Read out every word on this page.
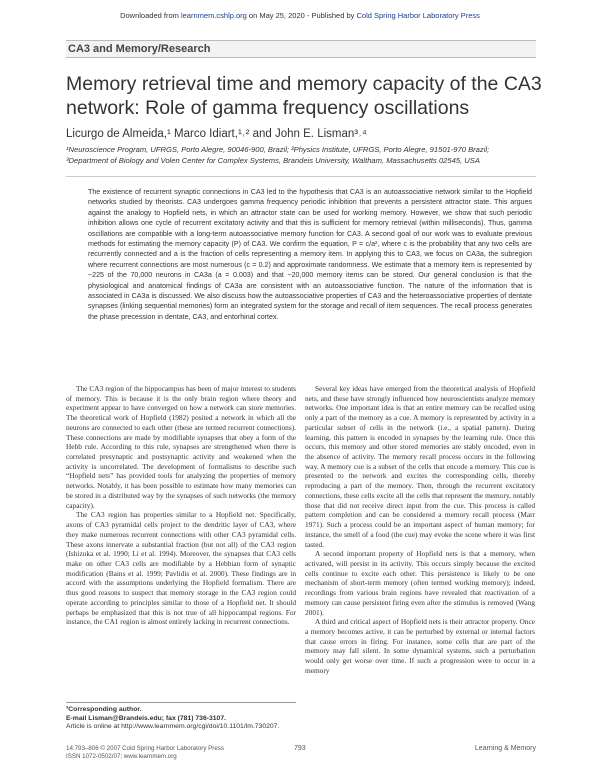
Downloaded from learnmem.cshlp.org on May 25, 2020 - Published by Cold Spring Harbor Laboratory Press
CA3 and Memory/Research
Memory retrieval time and memory capacity of the CA3 network: Role of gamma frequency oscillations
Licurgo de Almeida,¹ Marco Idiart,¹˒² and John E. Lisman³˒⁴
¹Neuroscience Program, UFRGS, Porto Alegre, 90046-900, Brazil; ²Physics Institute, UFRGS, Porto Alegre, 91501-970 Brazil;
³Department of Biology and Volen Center for Complex Systems, Brandeis University, Waltham, Massachusetts 02545, USA

The existence of recurrent synaptic connections in CA3 led to the hypothesis that CA3 is an autoassociative network similar to the Hopfield networks studied by theorists. CA3 undergoes gamma frequency periodic inhibition that prevents a persistent attractor state. This argues against the analogy to Hopfield nets, in which an attractor state can be used for working memory. However, we show that such periodic inhibition allows one cycle of recurrent excitatory activity and that this is sufficient for memory retrieval (within milliseconds). Thus, gamma oscillations are compatible with a long-term autoassociative memory function for CA3. A second goal of our work was to evaluate previous methods for estimating the memory capacity (P) of CA3. We confirm the equation, P = c/a², where c is the probability that any two cells are recurrently connected and a is the fraction of cells representing a memory item. In applying this to CA3, we focus on CA3a, the subregion where recurrent connections are most numerous (c = 0.2) and approximate randomness. We estimate that a memory item is represented by ~225 of the 70,000 neurons in CA3a (a = 0.003) and that ~20,000 memory items can be stored. Our general conclusion is that the physiological and anatomical findings of CA3a are consistent with an autoassociative function. The nature of the information that is associated in CA3a is discussed. We also discuss how the autoassociative properties of CA3 and the heteroassociative properties of dentate synapses (linking sequential memories) form an integrated system for the storage and recall of item sequences. The recall process generates the phase precession in dentate, CA3, and entorhinal cortex.

The CA3 region of the hippocampus has been of major interest to students of memory. This is because it is the only brain region where theory and experiment appear to have converged on how a network can store memories. The theoretical work of Hopfield (1982) posited a network in which all the neurons are connected to each other (these are termed recurrent connections). These connections are made by modifiable synapses that obey a form of the Hebb rule. According to this rule, synapses are strengthened when there is correlated presynaptic and postsynaptic activity and weakened when the activity is uncorrelated. The development of formalisms to describe such “Hopfield nets” has provided tools for analyzing the properties of memory networks. Notably, it has been possible to estimate how many memories can be stored in a distributed way by the synapses of such networks (the memory capacity).

The CA3 region has properties similar to a Hopfield net. Specifically, axons of CA3 pyramidal cells project to the dendritic layer of CA3, where they make numerous recurrent connections with other CA3 pyramidal cells. These axons innervate a substantial fraction (but not all) of the CA3 region (Ishizuka et al. 1990; Li et al. 1994). Moreover, the synapses that CA3 cells make on other CA3 cells are modifiable by a Hebbian form of synaptic modification (Bains et al. 1999; Pavlidis et al. 2000). These findings are in accord with the assumptions underlying the Hopfield formalism. There are thus good reasons to suspect that memory storage in the CA3 region could operate according to principles similar to those of a Hopfield net. It should perhaps be emphasized that this is not true of all hippocampal regions. For instance, the CA1 region is almost entirely lacking in recurrent connections.

Several key ideas have emerged from the theoretical analysis of Hopfield nets, and these have strongly influenced how neuroscientists analyze memory networks. One important idea is that an entire memory can be recalled using only a part of the memory as a cue. A memory is represented by activity in a particular subset of cells in the network (i.e., a spatial pattern). During learning, this pattern is encoded in synapses by the learning rule. Once this occurs, this memory and other stored memories are stably encoded, even in the absence of activity. The memory recall process occurs in the following way. A memory cue is a subset of the cells that encode a memory. This cue is presented to the network and excites the corresponding cells, thereby reproducing a part of the memory. Then, through the recurrent excitatory connections, these cells excite all the cells that represent the memory, notably those that did not receive direct input from the cue. This process is called pattern completion and can be considered a memory recall process (Marr 1971). Such a process could be an important aspect of human memory; for instance, the smell of a food (the cue) may evoke the scene where it was first tasted.

A second important property of Hopfield nets is that a memory, when activated, will persist in its activity. This occurs simply because the excited cells continue to excite each other. This persistence is likely to be one mechanism of short-term memory (often termed working memory); indeed, recordings from various brain regions have revealed that reactivation of a memory can cause persistent firing even after the stimulus is removed (Wang 2001).

A third and critical aspect of Hopfield nets is their attractor property. Once a memory becomes active, it can be perturbed by external or internal factors that cause errors in firing. For instance, some cells that are part of the memory may fall silent. In some dynamical systems, such a perturbation would only get worse over time. If such a progression were to occur in a memory

³Corresponding author.
E-mail Lisman@Brandeis.edu; fax (781) 736-3107.
Article is online at http://www.learnmem.org/cgi/doi/10.1101/lm.730207.
14:793–806 © 2007 Cold Spring Harbor Laboratory Press
ISSN 1072-0502/07; www.learnmem.org
793	Learning & Memory
